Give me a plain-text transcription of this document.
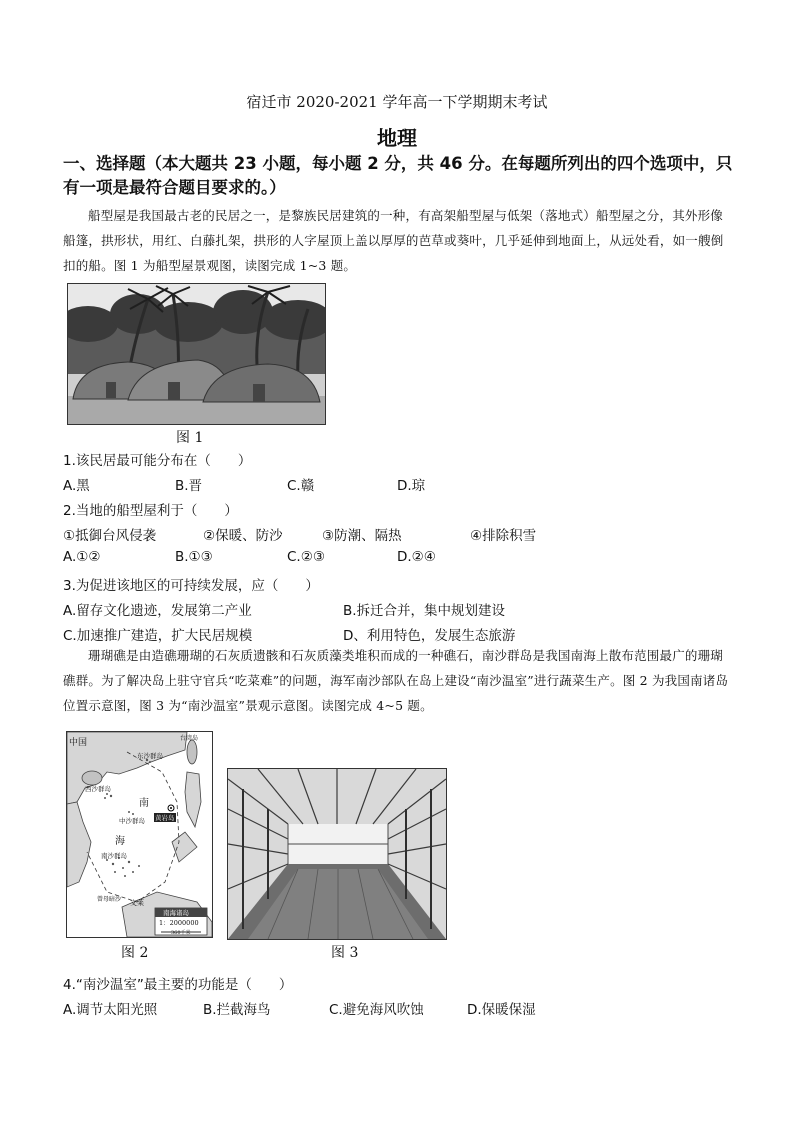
宿迁市 2020-2021 学年高一下学期期末考试
地理
一、选择题（本大题共 23 小题，每小题 2 分，共 46 分。在每题所列出的四个选项中，只有一项是最符合题目要求的。）
船型屋是我国最古老的民居之一，是黎族民居建筑的一种，有高架船型屋与低架（落地式）船型屋之分，其外形像船篷，拱形状，用红、白藤扎架，拱形的人字屋顶上盖以厚厚的芭草或葵叶，几乎延伸到地面上，从远处看，如一艘倒扣的船。图 1 为船型屋景观图，读图完成 1~3 题。
图 1
1.该民居最可能分布在（　　）
A.黑	B.晋	C.赣	D.琼
2.当地的船型屋利于（　　）
①抵御台风侵袭	②保暖、防沙	③防潮、隔热	④排除积雪
A.①②	B.①③	C.②③	D.②④
3.为促进该地区的可持续发展，应（　　）
A.留存文化遗迹，发展第二产业	B.拆迁合并，集中规划建设
C.加速推广建造，扩大民居规模	D、利用特色，发展生态旅游
珊瑚礁是由造礁珊瑚的石灰质遗骸和石灰质藻类堆积而成的一种礁石，南沙群岛是我国南海上散布范围最广的珊瑚礁群。为了解决岛上驻守官兵“吃菜难”的问题，海军南沙部队在岛上建设“南沙温室”进行蔬菜生产。图 2 为我国南诸岛位置示意图，图 3 为“南沙温室”景观示意图。读图完成 4~5 题。
中国	台湾岛
东沙群岛
西沙群岛
中沙群岛
南
海
黄岩岛
南沙群岛
曾母暗沙 文莱
南海诸岛
1：2000000
360千米
图 2	图 3
4.“南沙温室”最主要的功能是（　　）
A.调节太阳光照	B.拦截海鸟	C.避免海风吹蚀	D.保暖保湿
